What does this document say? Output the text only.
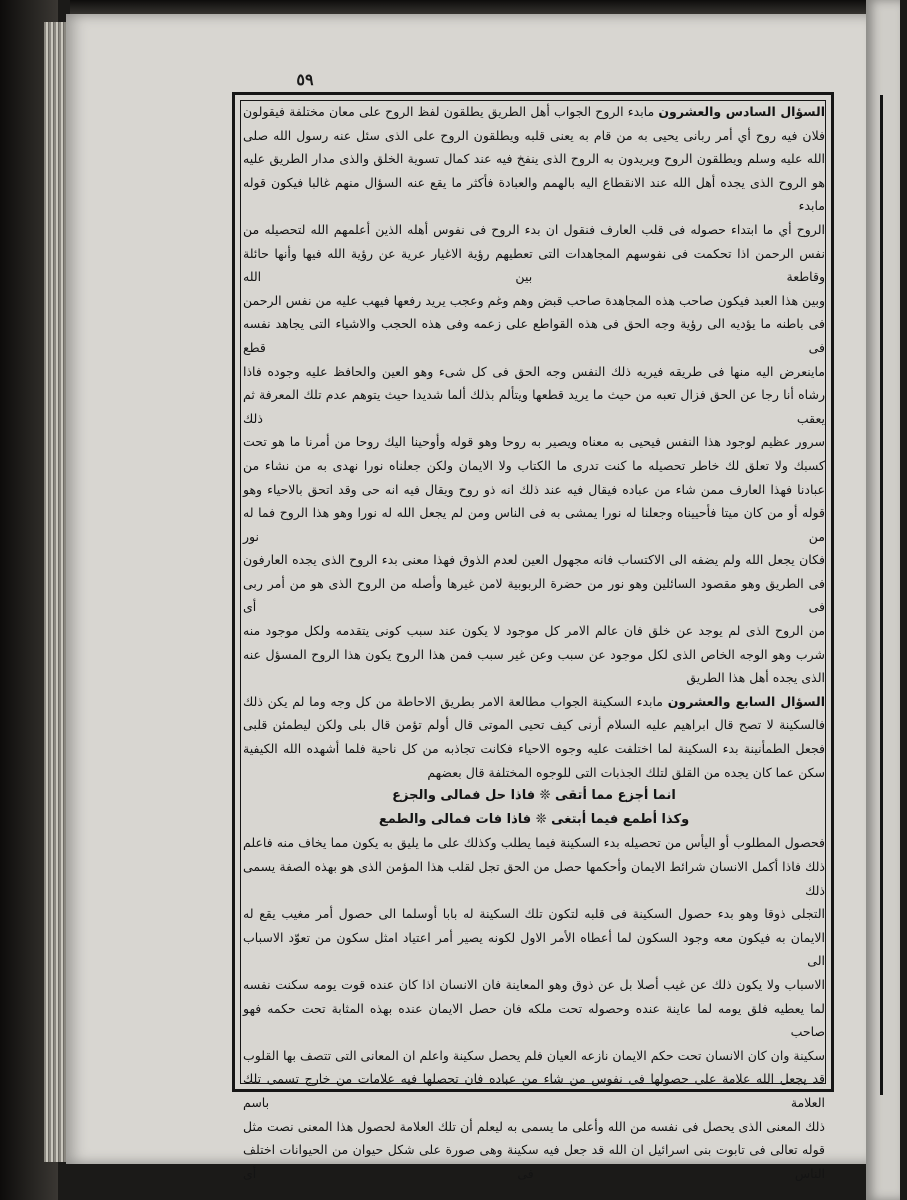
٥٩

السؤال السادس والعشرون مابدء الروح الجواب أهل الطريق يطلقون لفظ الروح على معان مختلفة فيقولون فلان فيه روح أي أمر ربانى يحيى به من قام به يعنى قلبه ويطلقون الروح على الذى سئل عنه رسول الله صلى

الله عليه وسلم ويطلقون الروح ويريدون به الروح الذى ينفخ فيه عند كمال تسوية الخلق والذى مدار الطريق عليه هو الروح الذى يجده أهل الله عند الانقطاع اليه بالهمم والعبادة فأكثر ما يقع عنه السؤال منهم غالبا فيكون قوله مابدء

الروح أي ما ابتداء حصوله فى قلب العارف فنقول ان بدء الروح فى نفوس أهله الذين أعلمهم الله لتحصيله من نفس الرحمن اذا تحكمت فى نفوسهم المجاهدات التى تعطيهم رؤية الاغيار عرية عن رؤية الله فيها وأنها حائلة وقاطعة بين الله

وبين هذا العبد فيكون صاحب هذه المجاهدة صاحب قبض وهم وغم وعجب يريد رفعها فيهب عليه من نفس الرحمن فى باطنه ما يؤديه الى رؤية وجه الحق فى هذه القواطع على زعمه وفى هذه الحجب والاشياء التى يجاهد نفسه فى قطع

ماينعرض اليه منها فى طريقه فيريه ذلك النفس وجه الحق فى كل شىء وهو العين والحافظ عليه وجوده فاذا رشاه أنا رجا عن الحق فزال تعبه من حيث ما يريد قطعها ويتألم بذلك ألما شديدا حيث يتوهم عدم تلك المعرفة ثم يعقب ذلك

سرور عظيم لوجود هذا النفس فيحيى به معناه ويصير به روحا وهو قوله وأوحينا اليك روحا من أمرنا ما هو تحت كسبك ولا تعلق لك خاطر تحصيله ما كنت تدرى ما الكتاب ولا الايمان ولكن جعلناه نورا نهدى به من نشاء من

عبادنا فهذا العارف ممن شاء من عباده فيقال فيه عند ذلك انه ذو روح ويقال فيه انه حى وقد اتحق بالاحياء وهو قوله أو من كان ميتا فأحييناه وجعلنا له نورا يمشى به فى الناس ومن لم يجعل الله له نورا وهو هذا الروح فما له من نور

فكان يجعل الله ولم يضفه الى الاكتساب فانه مجهول العين لعدم الذوق فهذا معنى بدء الروح الذى يجده العارفون فى الطريق وهو مقصود السائلين وهو نور من حضرة الربوبية لامن غيرها وأصله من الروح الذى هو من أمر ربى فى أى

من الروح الذى لم يوجد عن خلق فان عالم الامر كل موجود لا يكون عند سبب كونى يتقدمه ولكل موجود منه شرب وهو الوجه الخاص الذى لكل موجود عن سبب وعن غير سبب فمن هذا الروح يكون هذا الروح المسؤل عنه

الذى يجده أهل هذا الطريق

السؤال السابع والعشرون مابدء السكينة الجواب مطالعة الامر بطريق الاحاطة من كل وجه وما لم يكن ذلك فالسكينة لا تصح قال ابراهيم عليه السلام أرنى كيف تحيى الموتى قال أولم تؤمن قال بلى ولكن ليطمئن قلبى

فجعل الطمأنينة بدء السكينة لما اختلفت عليه وجوه الاحياء فكانت تجاذبه من كل ناحية فلما أشهده الله الكيفية سكن عما كان يجده من القلق لتلك الجذبات التى للوجوه المختلفة قال بعضهم

انما أجزع مما أتقى ❊ فاذا حل فمالى والجزع

وكذا أطمع فيما أبتغى ❊ فاذا فات فمالى والطمع

فحصول المطلوب أو اليأس من تحصيله بدء السكينة فيما يطلب وكذلك على ما يليق به يكون مما يخاف منه فاعلم ذلك فاذا أكمل الانسان شرائط الايمان وأحكمها حصل من الحق تجل لقلب هذا المؤمن الذى هو بهذه الصفة يسمى ذلك

التجلى ذوقا وهو بدء حصول السكينة فى قلبه لتكون تلك السكينة له بابا أوسلما الى حصول أمر مغيب يقع له الايمان به فيكون معه وجود السكون لما أعطاه الأمر الاول لكونه يصير أمر اعتياد امثل سكون من تعوّد الاسباب الى

الاسباب ولا يكون ذلك عن غيب أصلا بل عن ذوق وهو المعاينة فان الانسان اذا كان عنده قوت يومه سكنت نفسه لما يعطيه فلق يومه لما عاينة عنده وحصوله تحت ملكه فان حصل الايمان عنده بهذه المثابة تحت حكمه فهو صاحب

سكينة وان كان الانسان تحت حكم الايمان نازعه العيان فلم يحصل سكينة واعلم ان المعانى التى تتصف بها القلوب قد يجعل الله علامة على حصولها فى نفوس من شاء من عباده فان تحصلها فيه علامات من خارج تسمى تلك العلامة باسم

ذلك المعنى الذى يحصل فى نفسه من الله وأعلى ما يسمى به ليعلم أن تلك العلامة لحصول هذا المعنى نصت مثل قوله تعالى فى تابوت بنى اسرائيل ان الله قد جعل فيه سكينة وهى صورة على شكل حيوان من الحيوانات اختلف الناس فى أى
